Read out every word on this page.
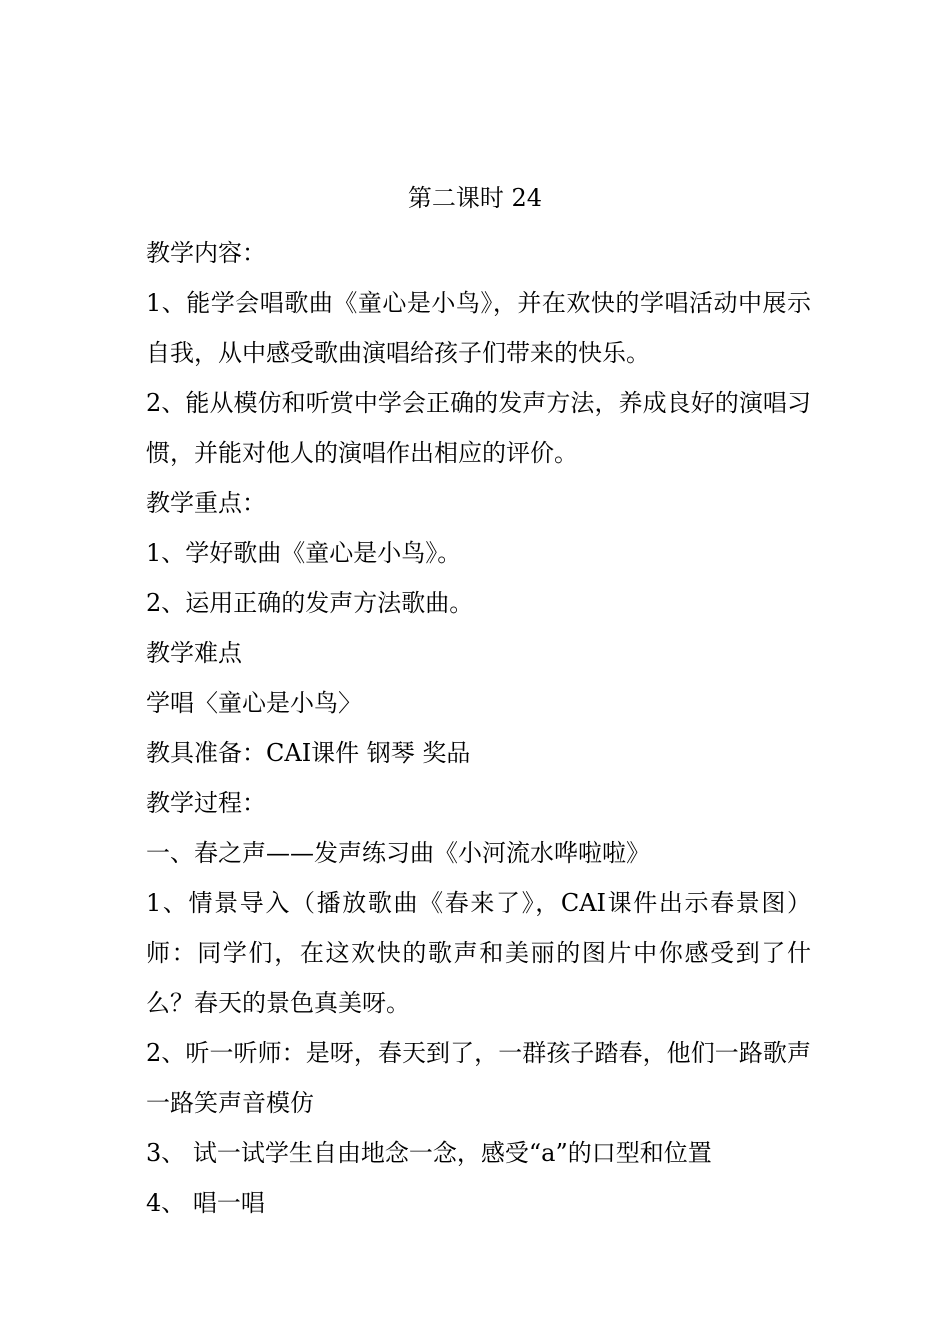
第二课时 24

教学内容：

1、能学会唱歌曲《童心是小鸟》，并在欢快的学唱活动中展示自我，从中感受歌曲演唱给孩子们带来的快乐。

2、能从模仿和听赏中学会正确的发声方法，养成良好的演唱习惯，并能对他人的演唱作出相应的评价。

教学重点：

1、学好歌曲《童心是小鸟》。

2、运用正确的发声方法歌曲。

教学难点

学唱〈童心是小鸟〉

教具准备：CAI课件 钢琴 奖品

教学过程：

一、春之声——发声练习曲《小河流水哗啦啦》

1、情景导入（播放歌曲《春来了》，CAI课件出示春景图）师：同学们，在这欢快的歌声和美丽的图片中你感受到了什么？春天的景色真美呀。

2、听一听师：是呀，春天到了，一群孩子踏春，他们一路歌声一路笑声音模仿

3、 试一试学生自由地念一念，感受“a”的口型和位置

4、 唱一唱
